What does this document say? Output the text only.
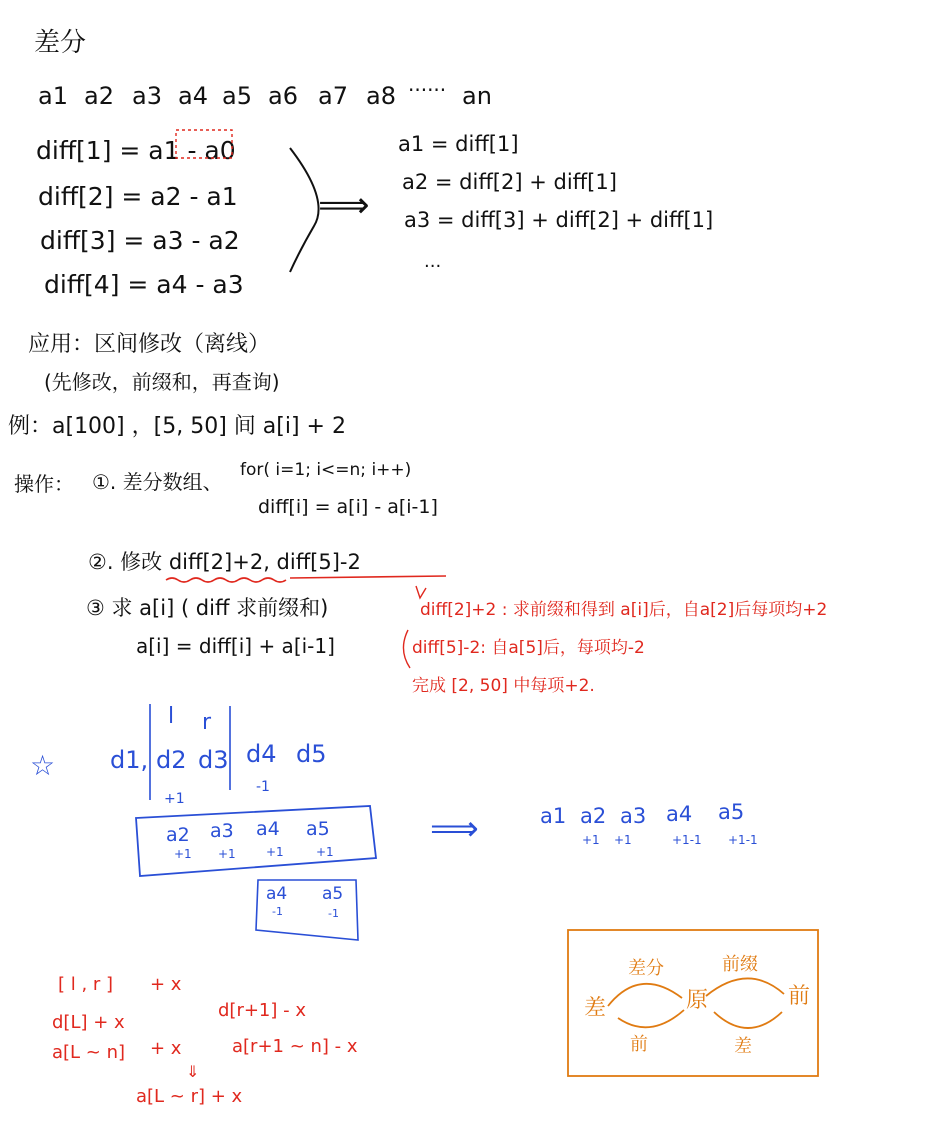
差分
a1 a2 a3 a4 a5 a6 a7 a8 ······ an
diff[1] = a1 - a0
diff[2] = a2 - a1
diff[3] = a3 - a2
diff[4] = a4 - a3
⟹
a1 = diff[1]
a2 = diff[2] + diff[1]
a3 = diff[3] + diff[2] + diff[1]
···
应用：区间修改（离线）
(先修改，前缀和，再查询)
例：a[100] ，[5, 50] 间 a[i] + 2
操作： ①. 差分数组、 for( i=1; i<=n; i++)
diff[i] = a[i] - a[i-1]
②. 修改 diff[2]+2, diff[5]-2
③ 求 a[i] ( diff 求前缀和)
a[i] = diff[i] + a[i-1]
diff[2]+2 : 求前缀和得到 a[i]后，自a[2]后每项均+2
diff[5]-2: 自a[5]后，每项均-2
完成 [2, 50] 中每项+2.
☆
l r
d1, d2 d3 d4 d5
+1
-1
a2 a3 a4 a5
+1 +1	+1	+1
a4 a5
-1	-1
⟹	a1 a2 a3 a4 a5
+1 +1	+1-1 +1-1
[ l , r ] + x
d[L] + x
d[r+1] - x
a[L ~ n] + x	a[r+1 ~ n] - x
⇓
a[L ~ r] + x
差	原	前
差分	前缀
前	差
